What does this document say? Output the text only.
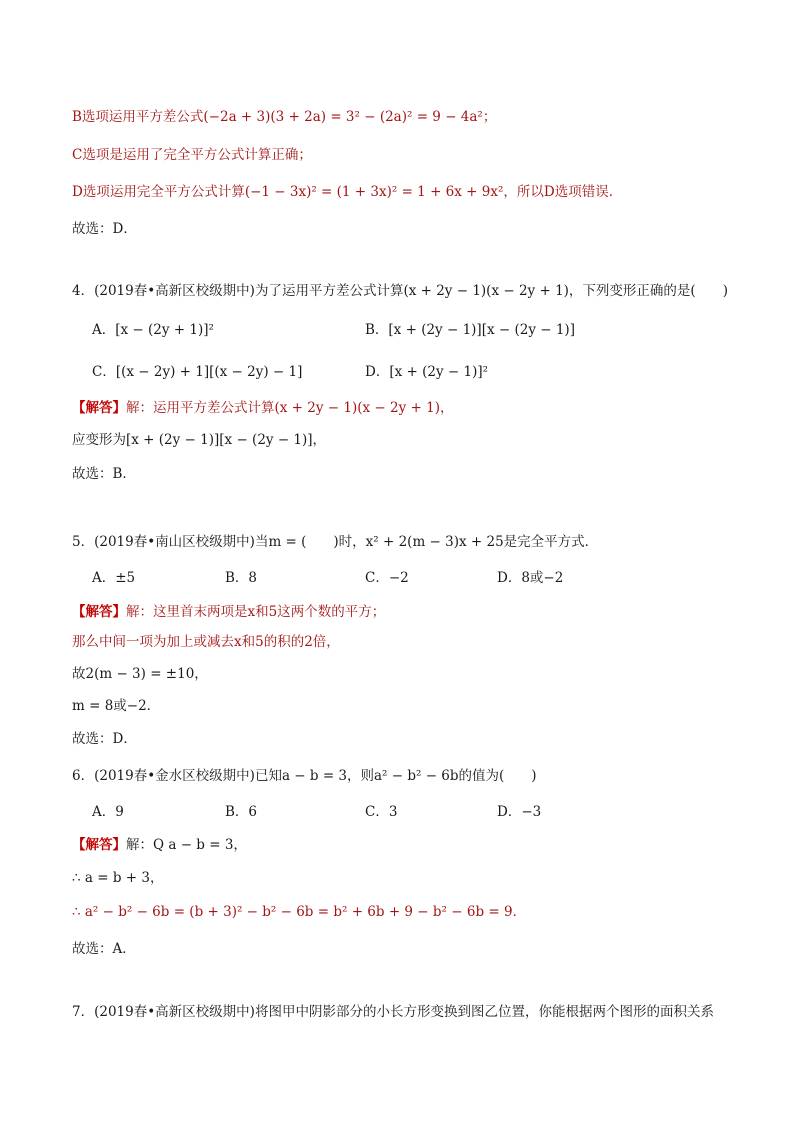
B选项运用平方差公式(−2a + 3)(3 + 2a) = 3² − (2a)² = 9 − 4a²；
C选项是运用了完全平方公式计算正确；
D选项运用完全平方公式计算(−1 − 3x)² = (1 + 3x)² = 1 + 6x + 9x²，所以D选项错误．
故选：D．
4．(2019春•高新区校级期中)为了运用平方差公式计算(x + 2y − 1)(x − 2y + 1)，下列变形正确的是(　　)
A．[x − (2y + 1)]²	B．[x + (2y − 1)][x − (2y − 1)]
C．[(x − 2y) + 1][(x − 2y) − 1]	D．[x + (2y − 1)]²
【解答】解：运用平方差公式计算(x + 2y − 1)(x − 2y + 1)，
应变形为[x + (2y − 1)][x − (2y − 1)]，
故选：B．
5．(2019春•南山区校级期中)当m = (　　)时，x² + 2(m − 3)x + 25是完全平方式．
A．±5	B．8	C．−2	D．8或−2
【解答】解：这里首末两项是x和5这两个数的平方；
那么中间一项为加上或减去x和5的积的2倍，
故2(m − 3) = ±10，
m = 8或−2．
故选：D．
6．(2019春•金水区校级期中)已知a − b = 3，则a² − b² − 6b的值为(　　)
A．9	B．6	C．3	D．−3
【解答】解：Q a − b = 3，
∴ a = b + 3，
∴ a² − b² − 6b = (b + 3)² − b² − 6b = b² + 6b + 9 − b² − 6b = 9．
故选：A．
7．(2019春•高新区校级期中)将图甲中阴影部分的小长方形变换到图乙位置，你能根据两个图形的面积关系
